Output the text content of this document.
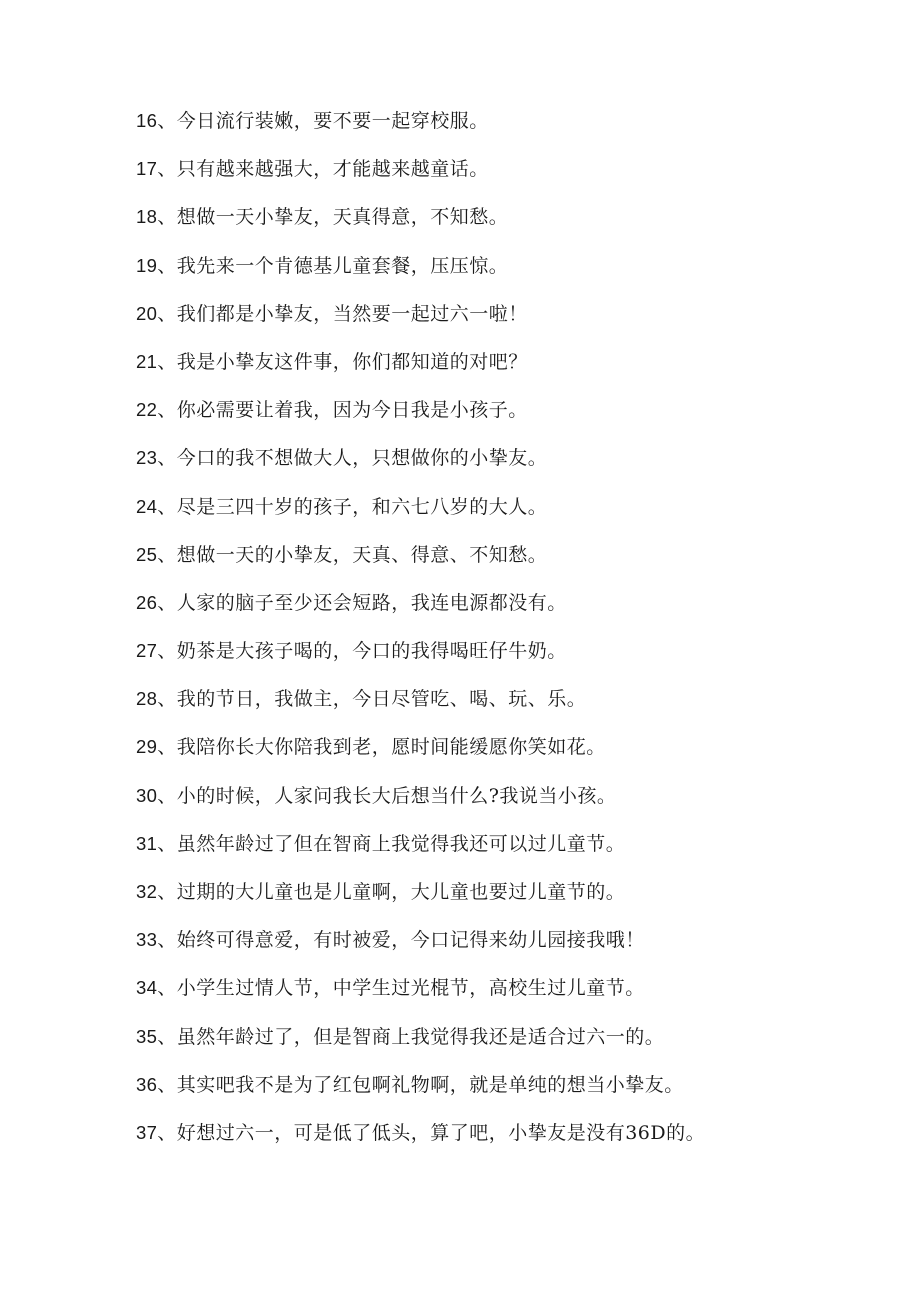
16、今日流行装嫩，要不要一起穿校服。
17、只有越来越强大，才能越来越童话。
18、想做一天小挚友，天真得意，不知愁。
19、我先来一个肯德基儿童套餐，压压惊。
20、我们都是小挚友，当然要一起过六一啦！
21、我是小挚友这件事，你们都知道的对吧？
22、你必需要让着我，因为今日我是小孩子。
23、今口的我不想做大人，只想做你的小挚友。
24、尽是三四十岁的孩子，和六七八岁的大人。
25、想做一天的小挚友，天真、得意、不知愁。
26、人家的脑子至少还会短路，我连电源都没有。
27、奶茶是大孩子喝的，今口的我得喝旺仔牛奶。
28、我的节日，我做主，今日尽管吃、喝、玩、乐。
29、我陪你长大你陪我到老，愿时间能缓愿你笑如花。
30、小的时候，人家问我长大后想当什么?我说当小孩。
31、虽然年龄过了但在智商上我觉得我还可以过儿童节。
32、过期的大儿童也是儿童啊，大儿童也要过儿童节的。
33、始终可得意爱，有时被爱，今口记得来幼儿园接我哦！
34、小学生过情人节，中学生过光棍节，高校生过儿童节。
35、虽然年龄过了，但是智商上我觉得我还是适合过六一的。
36、其实吧我不是为了红包啊礼物啊，就是单纯的想当小挚友。
37、好想过六一，可是低了低头，算了吧，小挚友是没有36D的。
